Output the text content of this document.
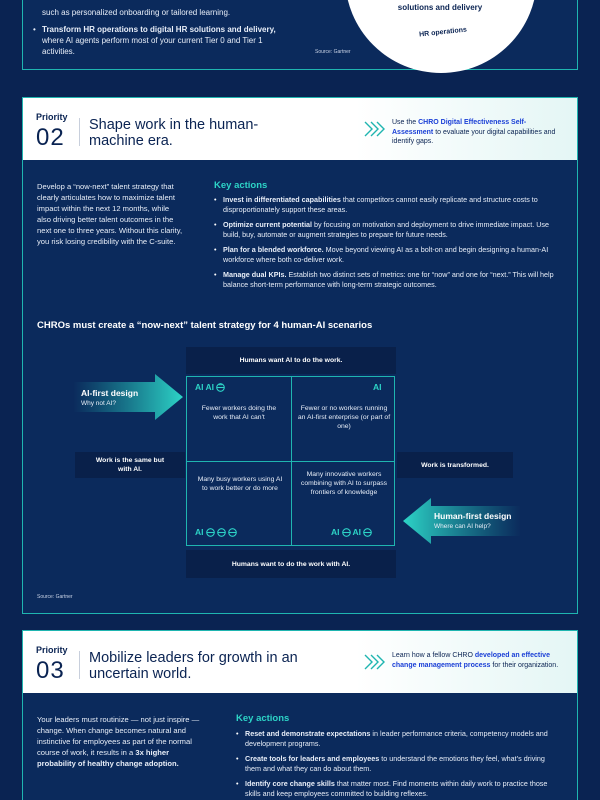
such as personalized onboarding or tailored learning.
• Transform HR operations to digital HR solutions and delivery, where AI agents perform most of your current Tier 0 and Tier 1 activities.
solutions and delivery
HR operations
Source: Gartner
Priority
02 Shape work in the human-machine era.
Use the CHRO Digital Effectiveness Self-Assessment to evaluate your digital capabilities and identify gaps.
Develop a “now-next” talent strategy that clearly articulates how to maximize talent impact within the next 12 months, while also driving better talent outcomes in the next one to three years. Without this clarity, you risk losing credibility with the C-suite.
Key actions
• Invest in differentiated capabilities that competitors cannot easily replicate and structure costs to disproportionately support these areas.
• Optimize current potential by focusing on motivation and deployment to drive immediate impact. Use build, buy, automate or augment strategies to prepare for future needs.
• Plan for a blended workforce. Move beyond viewing AI as a bolt-on and begin designing a human-AI workforce where both co-deliver work.
• Manage dual KPIs. Establish two distinct sets of metrics: one for “now” and one for “next.” This will help balance short-term performance with long-term strategic outcomes.
CHROs must create a “now-next” talent strategy for 4 human-AI scenarios
Humans want AI to do the work.
Humans want to do the work with AI.
Work is the same but with AI.
Work is transformed.
AI-first design
Why not AI?
Human-first design
Where can AI help?
AI AI	AI
Fewer workers doing the work that AI can't
Fewer or no workers running an AI-first enterprise (or part of one)
Many busy workers using AI to work better or do more
Many innovative workers combining with AI to surpass frontiers of knowledge
AI	AI AI
Source: Gartner
Priority
03 Mobilize leaders for growth in an uncertain world.
Learn how a fellow CHRO developed an effective change management process for their organization.
Your leaders must routinize — not just inspire — change. When change becomes natural and instinctive for employees as part of the normal course of work, it results in a 3x higher probability of healthy change adoption.
Key actions
• Reset and demonstrate expectations in leader performance criteria, competency models and development programs.
• Create tools for leaders and employees to understand the emotions they feel, what’s driving them and what they can do about them.
• Identify core change skills that matter most. Find moments within daily work to practice those skills and keep employees committed to building reflexes.
